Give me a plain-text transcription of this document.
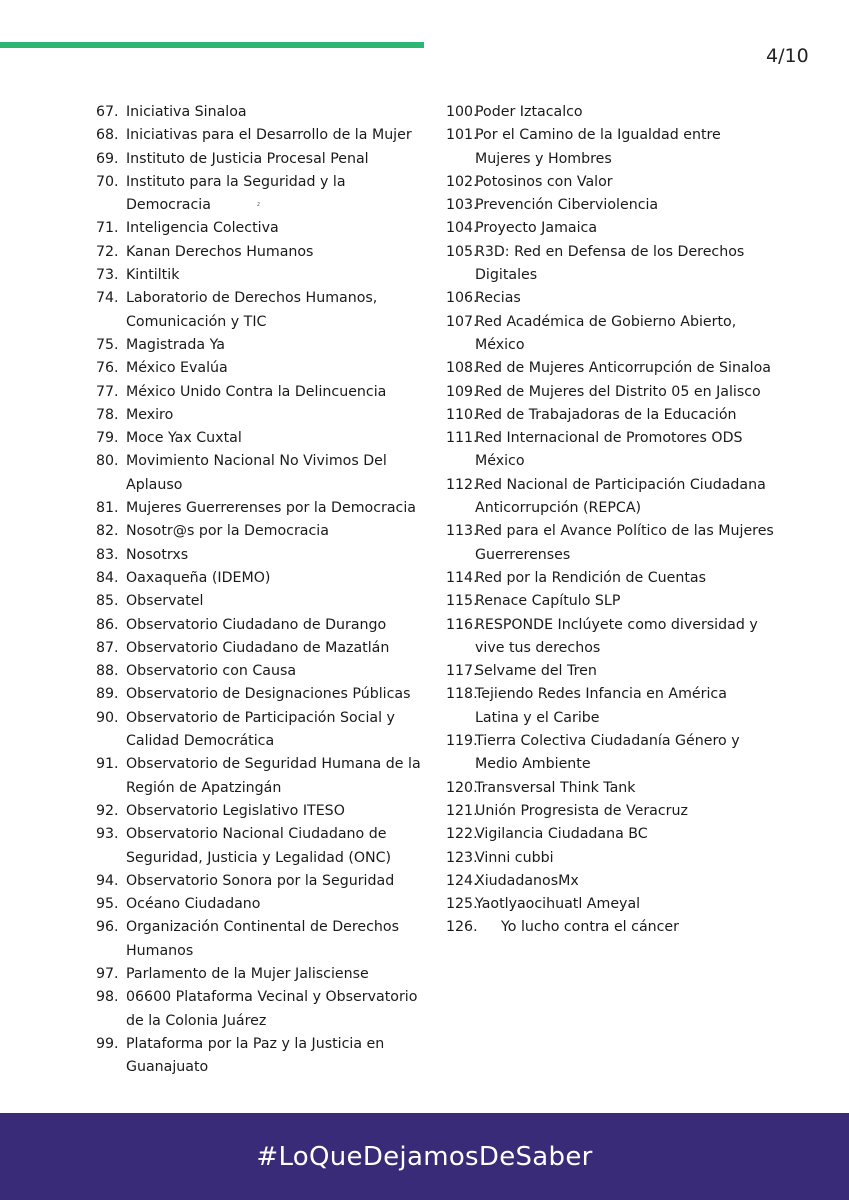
4/10
67. Iniciativa Sinaloa
68. Iniciativas para el Desarrollo de la Mujer
69. Instituto de Justicia Procesal Penal
70. Instituto para la Seguridad y la
Democracia	$^2$
71. Inteligencia Colectiva
72. Kanan Derechos Humanos
73. Kintiltik
74. Laboratorio de Derechos Humanos,
Comunicación y TIC
75. Magistrada Ya
76. México Evalúa
77. México Unido Contra la Delincuencia
78. Mexiro
79. Moce Yax Cuxtal
80. Movimiento Nacional No Vivimos Del
Aplauso
81. Mujeres Guerrerenses por la Democracia
82. Nosotr@s por la Democracia
83. Nosotrxs
84. Oaxaqueña (IDEMO)
85. Observatel
86. Observatorio Ciudadano de Durango
87. Observatorio Ciudadano de Mazatlán
88. Observatorio con Causa
89. Observatorio de Designaciones Públicas
90. Observatorio de Participación Social y
Calidad Democrática
91. Observatorio de Seguridad Humana de la
Región de Apatzingán
92. Observatorio Legislativo ITESO
93. Observatorio Nacional Ciudadano de
Seguridad, Justicia y Legalidad (ONC)
94. Observatorio Sonora por la Seguridad
95. Océano Ciudadano
96. Organización Continental de Derechos
Humanos
97. Parlamento de la Mujer Jalisciense
98. 06600 Plataforma Vecinal y Observatorio
de la Colonia Juárez
99. Plataforma por la Paz y la Justicia en
Guanajuato
100.
Poder Iztacalco
101.
Por el Camino de la Igualdad entre
Mujeres y Hombres
102.
Potosinos con Valor
103.
Prevención Ciberviolencia
104.
Proyecto Jamaica
105.
R3D: Red en Defensa de los Derechos
Digitales
106.
Recias
107.
Red Académica de Gobierno Abierto,
México
108.
Red de Mujeres Anticorrupción de Sinaloa
109.
Red de Mujeres del Distrito 05 en Jalisco
110.
Red de Trabajadoras de la Educación
111.
Red Internacional de Promotores ODS
México
112.
Red Nacional de Participación Ciudadana
Anticorrupción (REPCA)
113.
Red para el Avance Político de las Mujeres
Guerrerenses
114.
Red por la Rendición de Cuentas
115.
Renace Capítulo SLP
116.
RESPONDE Inclúyete como diversidad y
vive tus derechos
117.
Selvame del Tren
118.
Tejiendo Redes Infancia en América
Latina y el Caribe
119.
Tierra Colectiva Ciudadanía Género y
Medio Ambiente
120.
Transversal Think Tank
121.
Unión Progresista de Veracruz
122.
Vigilancia Ciudadana BC
123.
Vinni cubbi
124.
XiudadanosMx
125.
Yaotlyaocihuatl Ameyal
126.	Yo lucho contra el cáncer
#LoQueDejamosDeSaber
